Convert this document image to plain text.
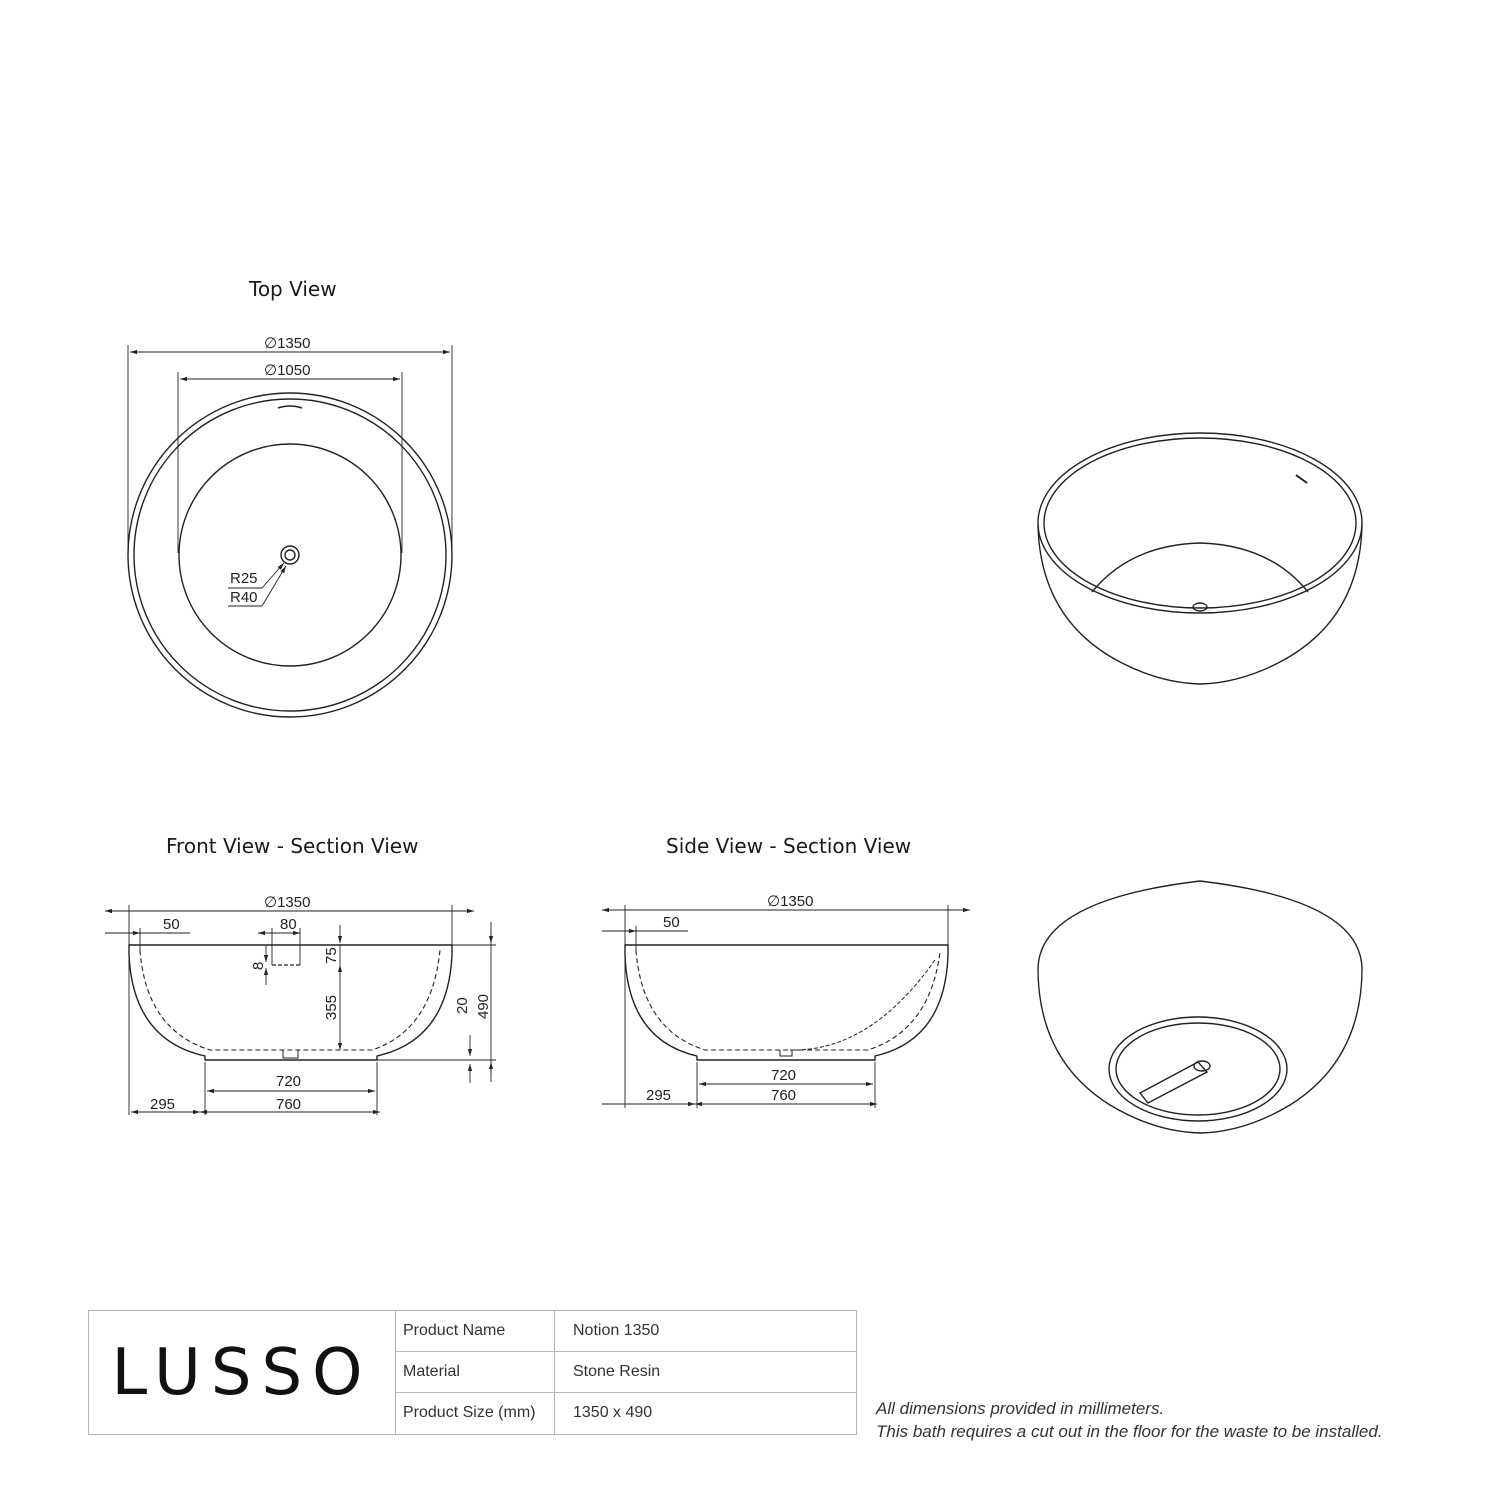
Top View
Front View - Section View	Side View - Section View
∅1350
∅1050
R25
R40
∅1350
50	80
8
75
355	20 490
720
760
295
∅1350
50
720
760
295
LUSSO
Product Name	Notion 1350
Material	Stone Resin
Product Size (mm)	1350 x 490	All dimensions provided in millimeters.
This bath requires a cut out in the floor for the waste to be installed.
